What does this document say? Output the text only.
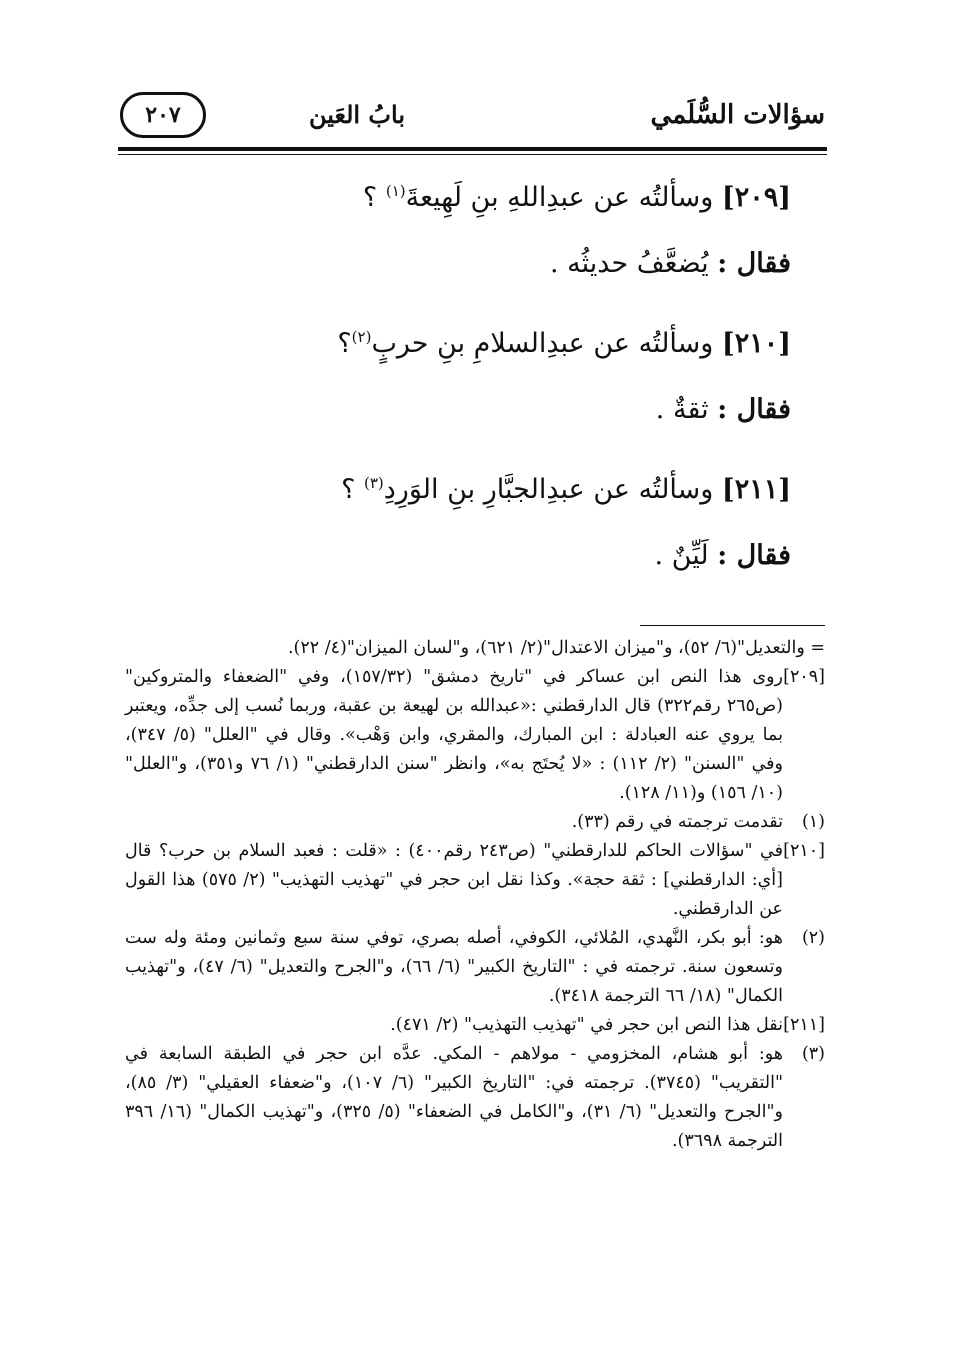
سؤالات السُّلَمي
بابُ العَين
٢٠٧
[٢٠٩] وسألتُه عن عبدِاللهِ بنِ لَهِيعةَ$^{(١)}$ ؟
فقال : يُضعَّفُ حديثُه .
[٢١٠] وسألتُه عن عبدِالسلامِ بنِ حربٍ$^{(٢)}$؟
فقال : ثقةٌ .
[٢١١] وسألتُه عن عبدِالجبَّارِ بنِ الوَرِدِ$^{(٣)}$ ؟
فقال : لَيِّنٌ .
= والتعديل"(٦/ ٥٢)، و"ميزان الاعتدال"(٢/ ٦٢١)، و"لسان الميزان"(٤/ ٢٢).
[٢٠٩]
روى هذا النص ابن عساكر في "تاريخ دمشق" (١٥٧/٣٢)، وفي "الضعفاء والمتروكين" (ص٢٦٥ رقم٣٢٢) قال الدارقطني :«عبدالله بن لهيعة بن عقبة، وربما نُسب إلى جدِّه، ويعتبر بما يروي عنه العبادلة : ابن المبارك، والمقري، وابن وَهْب». وقال في "العلل" (٥/ ٣٤٧)، وفي "السنن" (٢/ ١١٢) : «لا يُحتَج به»، وانظر "سنن الدارقطني" (١/ ٧٦ و٣٥١)، و"العلل" (١٠/ ١٥٦) و(١١/ ١٢٨).
(١)
تقدمت ترجمته في رقم (٣٣).
[٢١٠]
في "سؤالات الحاكم للدارقطني" (ص٢٤٣ رقم٤٠٠) : «قلت : فعبد السلام بن حرب؟ قال [أي: الدارقطني] : ثقة حجة». وكذا نقل ابن حجر في "تهذيب التهذيب" (٢/ ٥٧٥) هذا القول عن الدارقطني.
(٢)
هو: أبو بكر، النَّهدي، المُلائي، الكوفي، أصله بصري، توفي سنة سبع وثمانين ومئة وله ست وتسعون سنة. ترجمته في : "التاريخ الكبير" (٦/ ٦٦)، و"الجرح والتعديل" (٦/ ٤٧)، و"تهذيب الكمال" (١٨/ ٦٦ الترجمة ٣٤١٨).
[٢١١]
نقل هذا النص ابن حجر في "تهذيب التهذيب" (٢/ ٤٧١).
(٣)
هو: أبو هشام، المخزومي - مولاهم - المكي. عدَّه ابن حجر في الطبقة السابعة في "التقريب" (٣٧٤٥). ترجمته في: "التاريخ الكبير" (٦/ ١٠٧)، و"ضعفاء العقيلي" (٣/ ٨٥)، و"الجرح والتعديل" (٦/ ٣١)، و"الكامل في الضعفاء" (٥/ ٣٢٥)، و"تهذيب الكمال" (١٦/ ٣٩٦ الترجمة ٣٦٩٨).
